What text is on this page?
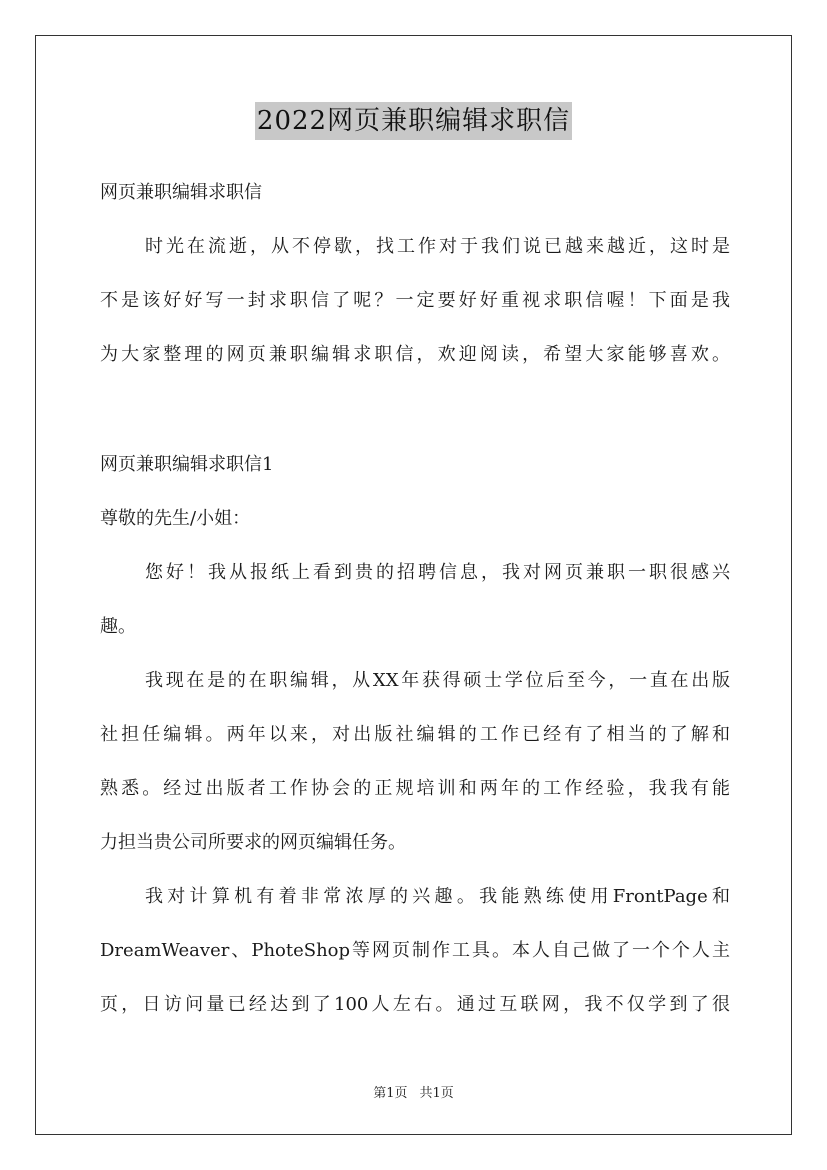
2022网页兼职编辑求职信
网页兼职编辑求职信
时光在流逝，从不停歇，找工作对于我们说已越来越近，这时是
不是该好好写一封求职信了呢？一定要好好重视求职信喔！下面是我
为大家整理的网页兼职编辑求职信，欢迎阅读，希望大家能够喜欢。
网页兼职编辑求职信1
尊敬的先生/小姐：
您好！我从报纸上看到贵的招聘信息，我对网页兼职一职很感兴
趣。
我现在是的在职编辑，从XX年获得硕士学位后至今，一直在出版
社担任编辑。两年以来，对出版社编辑的工作已经有了相当的了解和
熟悉。经过出版者工作协会的正规培训和两年的工作经验，我我有能
力担当贵公司所要求的网页编辑任务。
我对计算机有着非常浓厚的兴趣。我能熟练使用FrontPage和
DreamWeaver、PhoteShop等网页制作工具。本人自己做了一个个人主
页，日访问量已经达到了100人左右。通过互联网，我不仅学到了很
第1页 共1页
